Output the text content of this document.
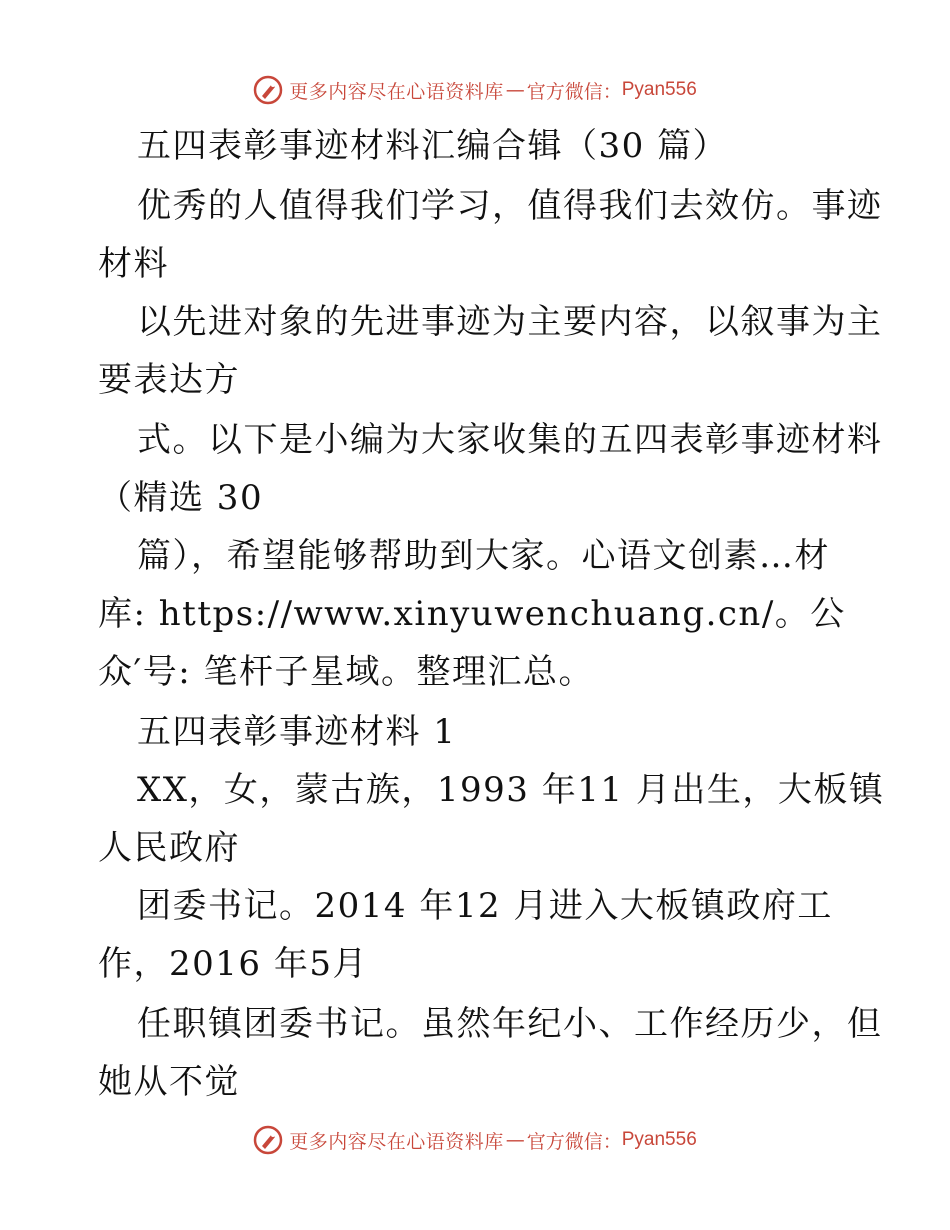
更多内容尽在心语资料库 — 官方微信： Pyan556
五四表彰事迹材料汇编合辑（30 篇）
优秀的人值得我们学习，值得我们去效仿。事迹
材料
以先进对象的先进事迹为主要内容，以叙事为主
要表达方
式。以下是小编为大家收集的五四表彰事迹材料
（精选 30
篇），希望能够帮助到大家。心语文创素…材
库: https://www.xinyuwenchuang.cn/。公
众′号: 笔杆子星域。整理汇总。
五四表彰事迹材料 1
XX，女，蒙古族，1993 年11 月出生，大板镇
人民政府
团委书记。2014 年12 月进入大板镇政府工
作，2016 年5月
任职镇团委书记。虽然年纪小、工作经历少，但
她从不觉
更多内容尽在心语资料库 — 官方微信： Pyan556
